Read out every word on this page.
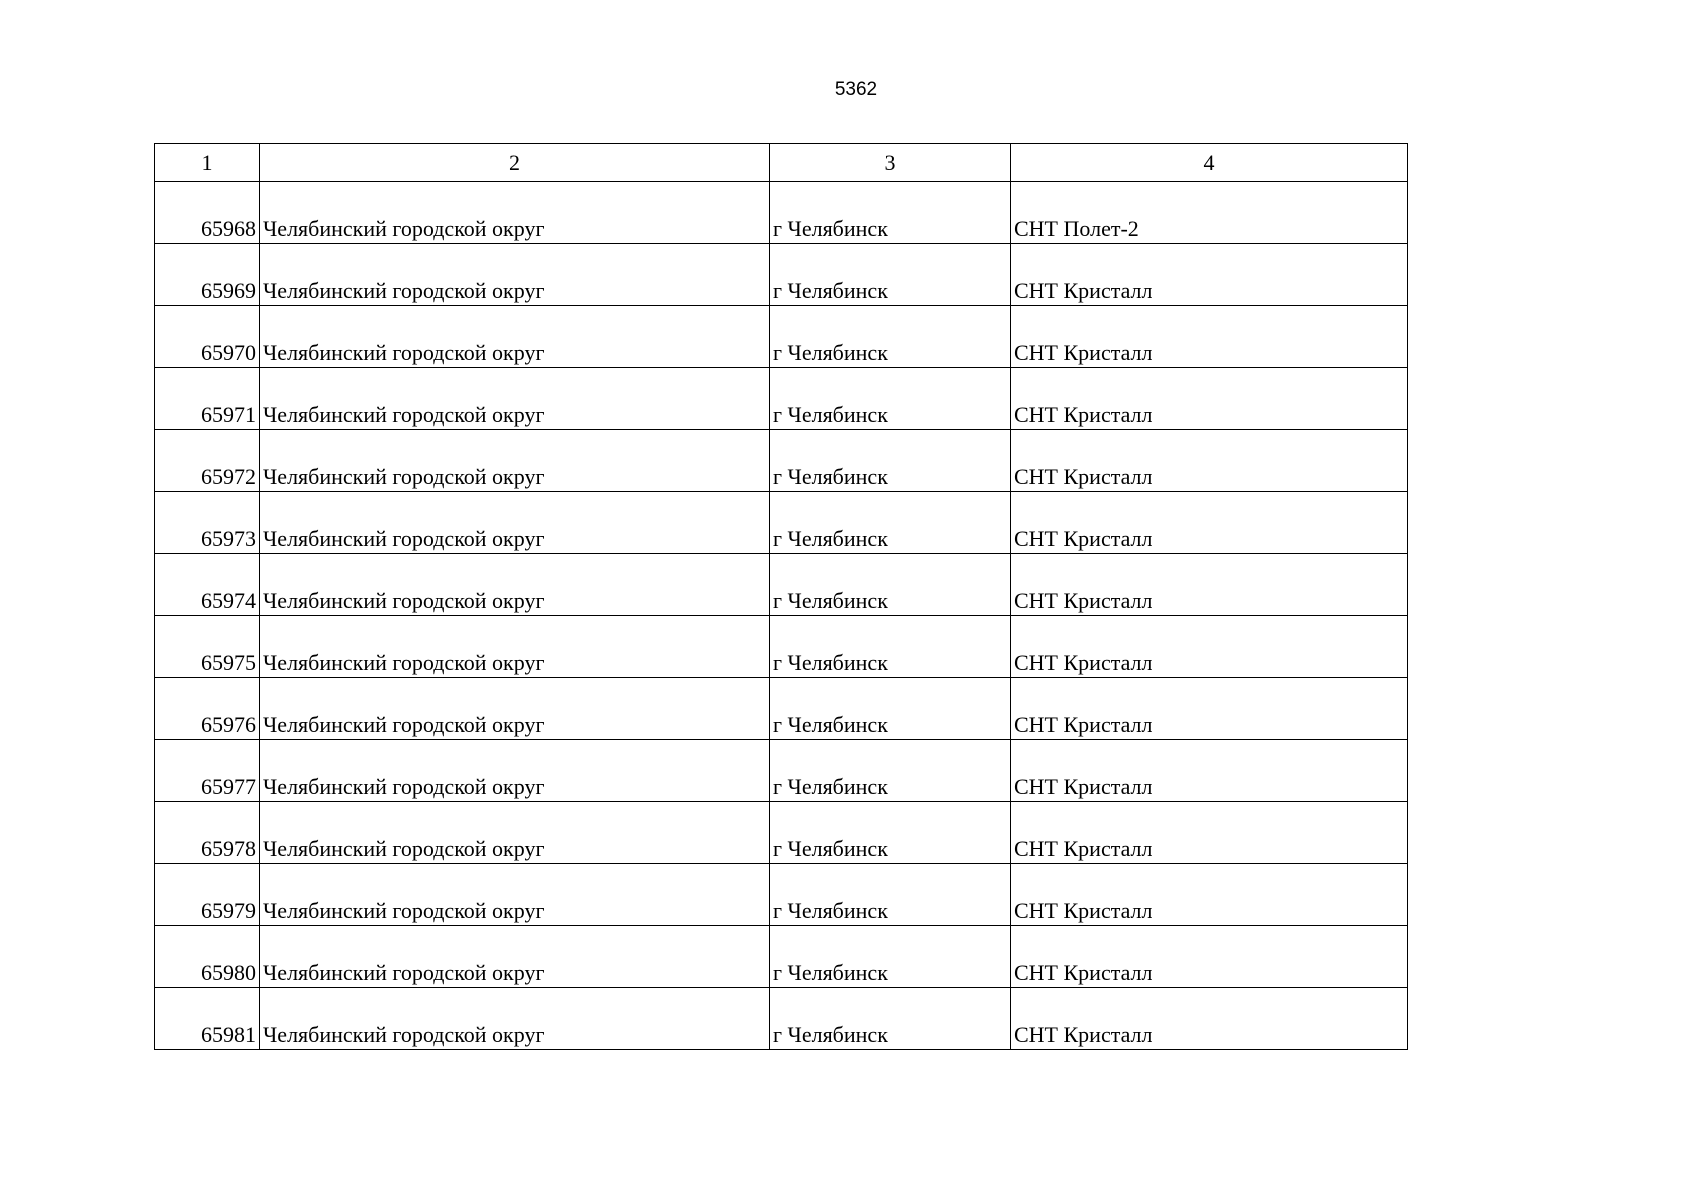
5362
1	2	3	4
65968	Челябинский городской округ	г Челябинск	СНТ Полет-2
65969	Челябинский городской округ	г Челябинск	СНТ Кристалл
65970	Челябинский городской округ	г Челябинск	СНТ Кристалл
65971	Челябинский городской округ	г Челябинск	СНТ Кристалл
65972	Челябинский городской округ	г Челябинск	СНТ Кристалл
65973	Челябинский городской округ	г Челябинск	СНТ Кристалл
65974	Челябинский городской округ	г Челябинск	СНТ Кристалл
65975	Челябинский городской округ	г Челябинск	СНТ Кристалл
65976	Челябинский городской округ	г Челябинск	СНТ Кристалл
65977	Челябинский городской округ	г Челябинск	СНТ Кристалл
65978	Челябинский городской округ	г Челябинск	СНТ Кристалл
65979	Челябинский городской округ	г Челябинск	СНТ Кристалл
65980	Челябинский городской округ	г Челябинск	СНТ Кристалл
65981	Челябинский городской округ	г Челябинск	СНТ Кристалл
